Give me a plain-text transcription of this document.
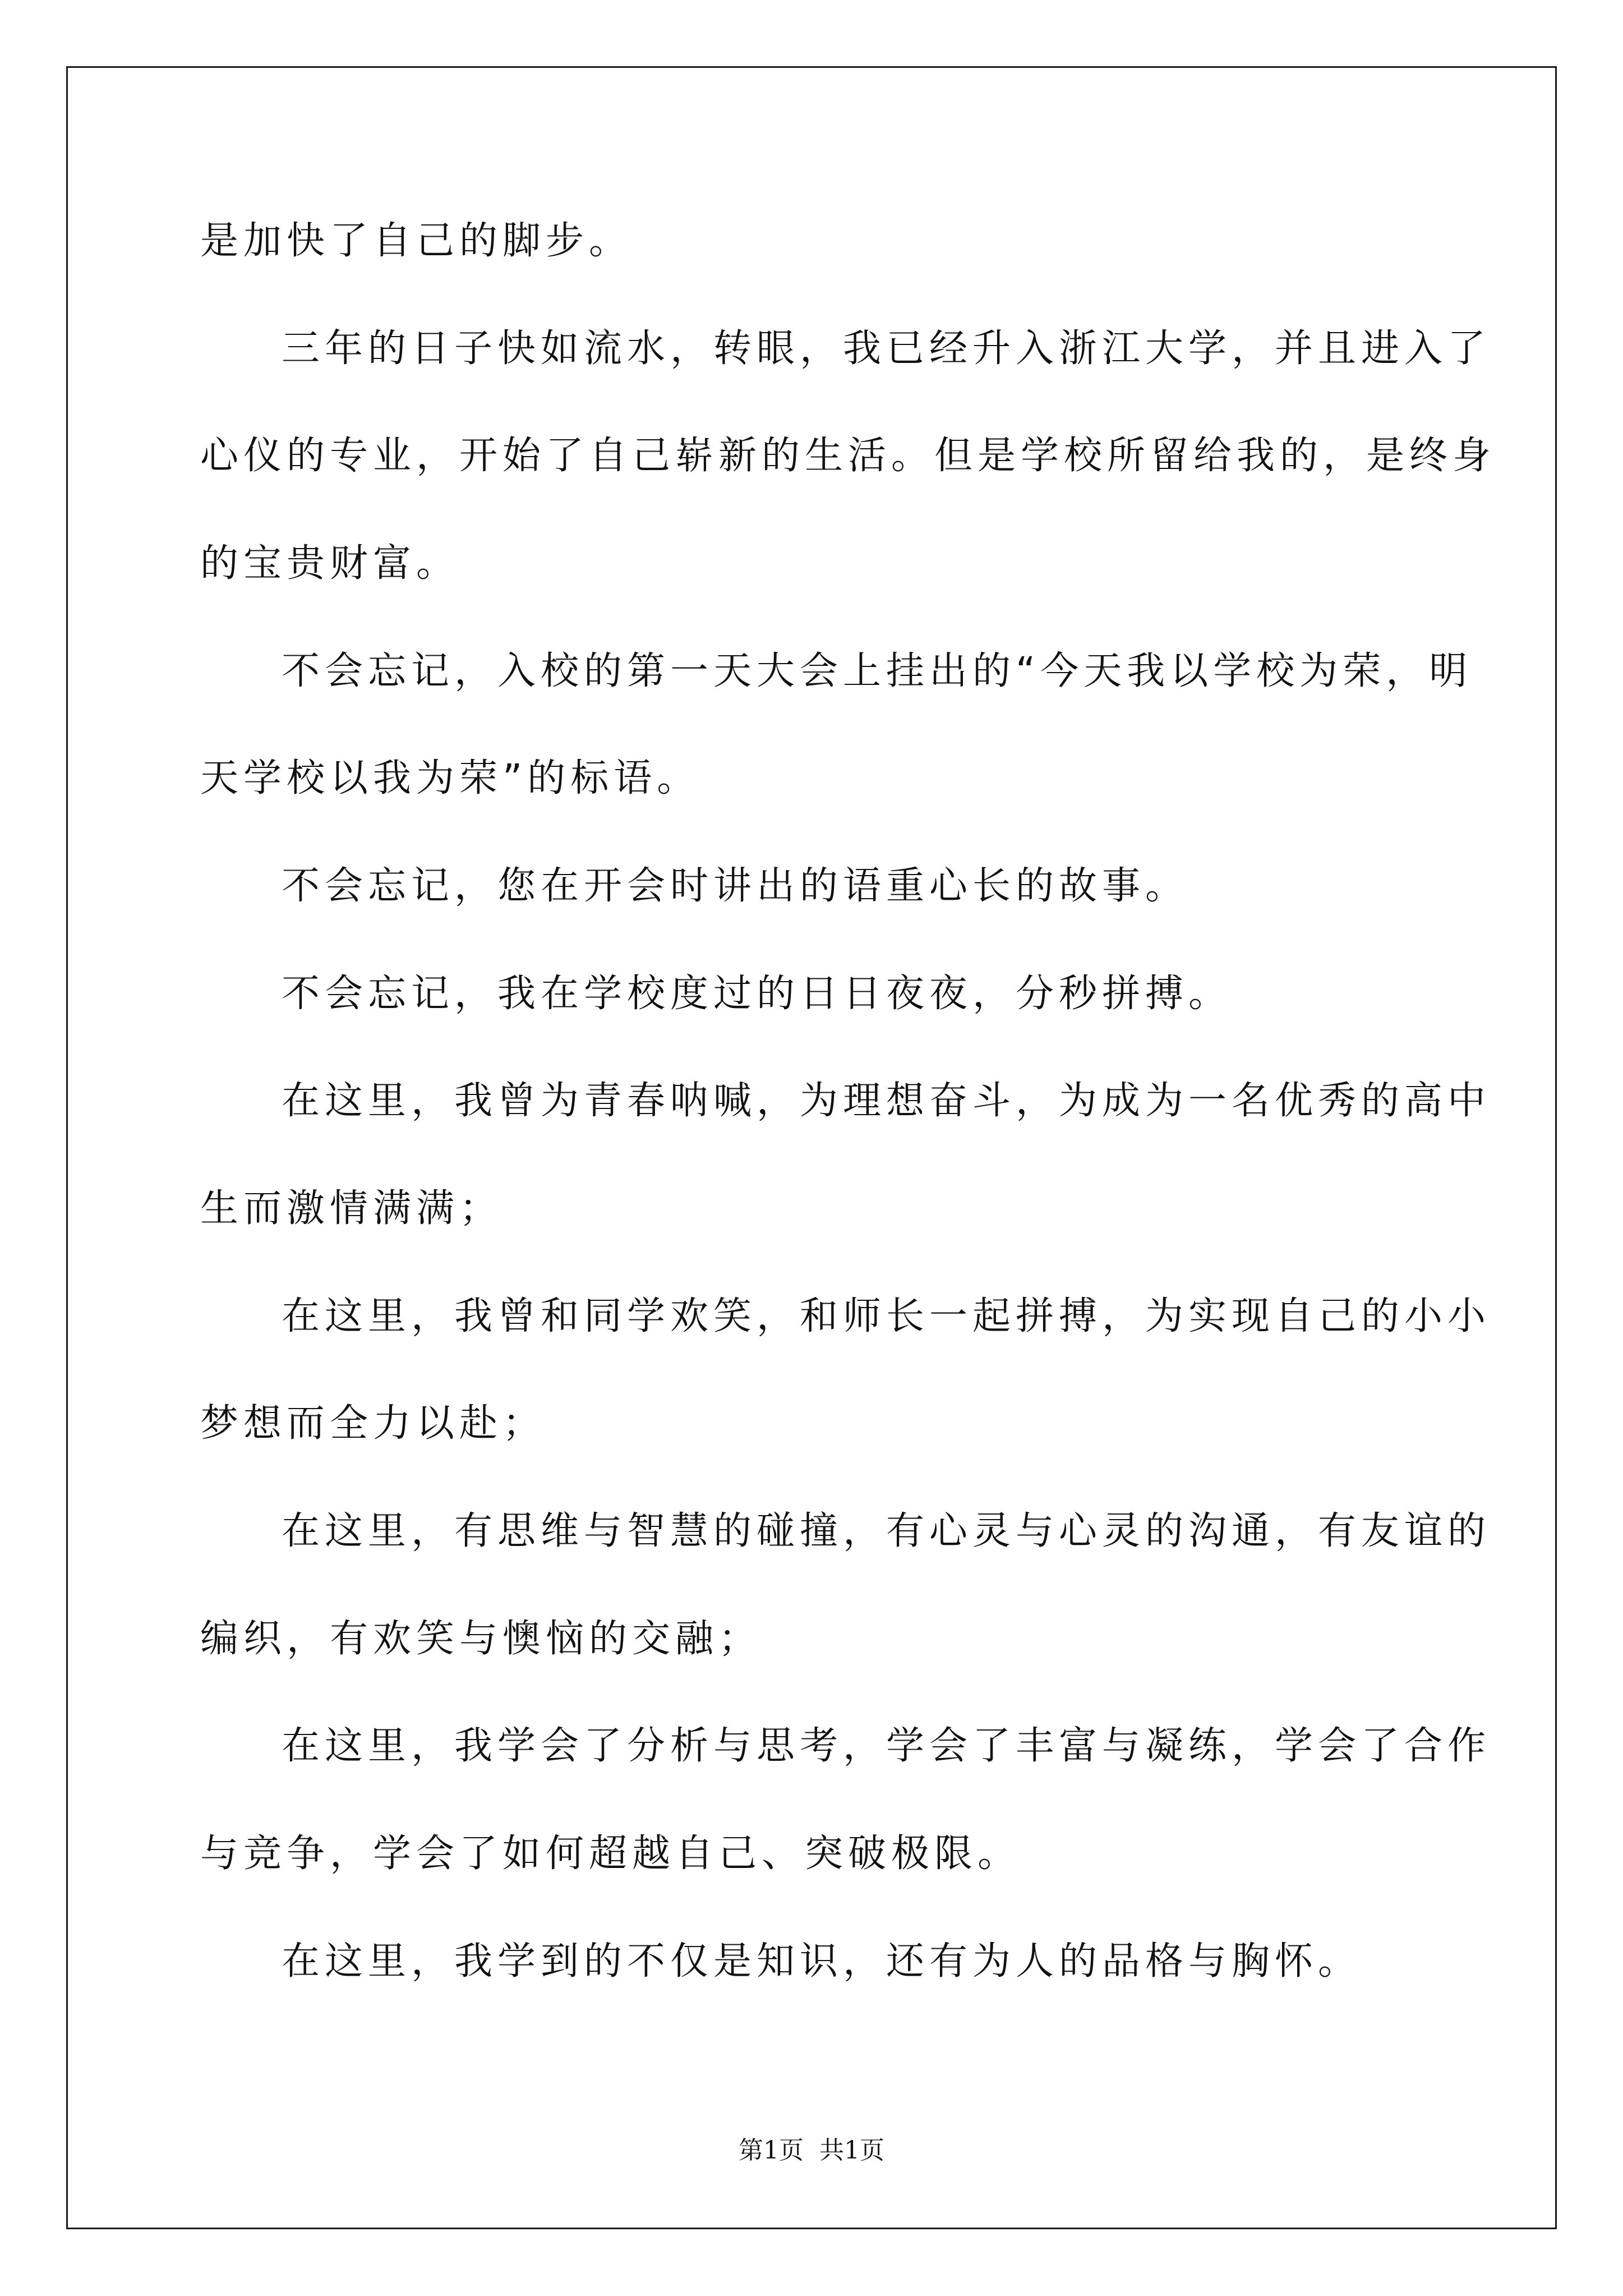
是加快了自己的脚步。
三年的日子快如流水，转眼，我已经升入浙江大学，并且进入了
心仪的专业，开始了自己崭新的生活。但是学校所留给我的，是终身
的宝贵财富。
不会忘记，入校的第一天大会上挂出的“今天我以学校为荣，明
天学校以我为荣”的标语。
不会忘记，您在开会时讲出的语重心长的故事。
不会忘记，我在学校度过的日日夜夜，分秒拼搏。
在这里，我曾为青春呐喊，为理想奋斗，为成为一名优秀的高中
生而激情满满；
在这里，我曾和同学欢笑，和师长一起拼搏，为实现自己的小小
梦想而全力以赴；
在这里，有思维与智慧的碰撞，有心灵与心灵的沟通，有友谊的
编织，有欢笑与懊恼的交融；
在这里，我学会了分析与思考，学会了丰富与凝练，学会了合作
与竞争，学会了如何超越自己、突破极限。
在这里，我学到的不仅是知识，还有为人的品格与胸怀。
第1页  共1页
